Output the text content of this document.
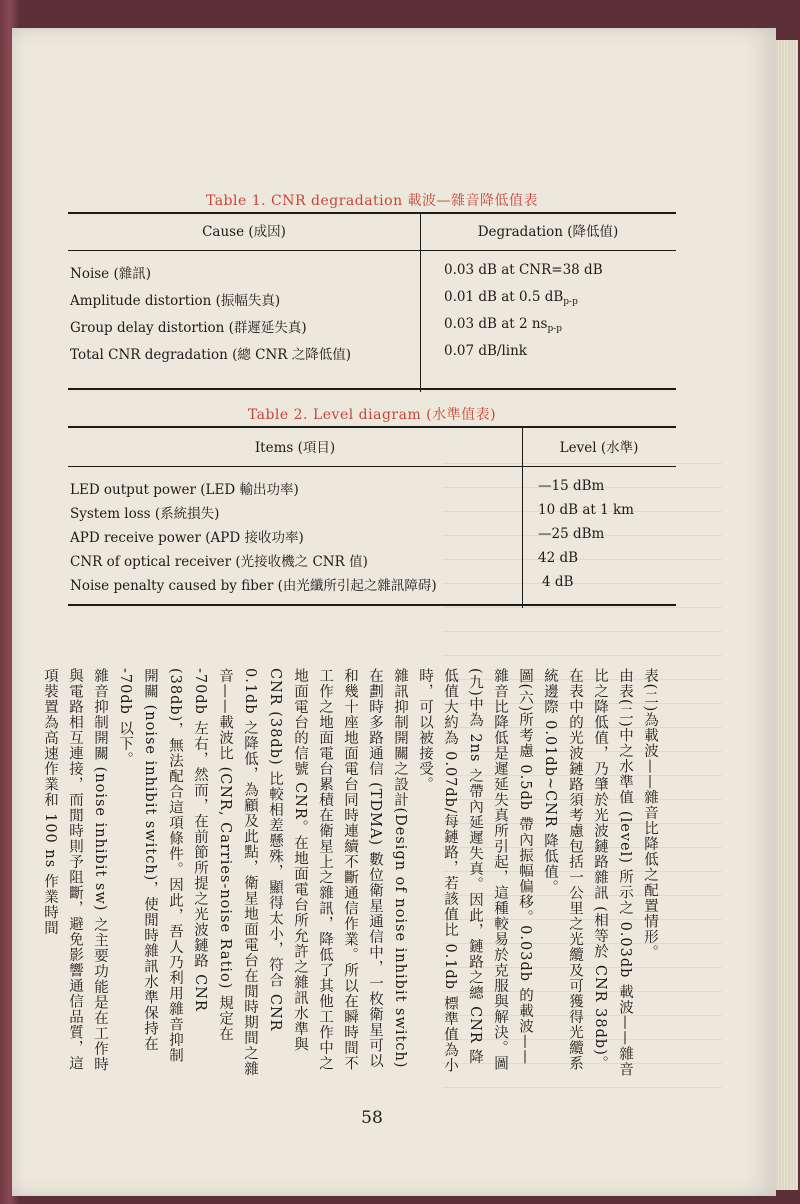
Table 1. CNR degradation 載波—雜音降低值表
Cause (成因)	Degradation (降低值)
Noise (雜訊)	0.03 dB at CNR=38 dB
Amplitude distortion (振幅失真)	0.01 dB at 0.5 $dB_{p-p}$
Group delay distortion (群遲延失真)	0.03 dB at 2 $ns_{p-p}$
Total CNR degradation (總 CNR 之降低值)	0.07 dB/link
Table 2. Level diagram (水準值表)
Items (項目)	Level (水準)
LED output power (LED 輸出功率)	—15 dBm
System loss (系統損失)	10 dB at 1 km
APD receive power (APD 接收功率)	—25 dBm
CNR of optical receiver (光接收機之 CNR 值)	42 dB
Noise penalty caused by fiber (由光纖所引起之雜訊障碍)	4 dB

表(二)為載波——雜音比降低之配置情形。

由表(二)中之水準值 (level) 所示之 0.03db 載波——雜音比之降低值，乃肇於光波鏈路雜訊 (相等於 CNR 38db)。在表中的光波鏈路須考慮包括一公里之光纜及可獲得光纜系統邊際 0.01db~CNR 降低值。

圖(六)所考慮 0.5db 帶內振幅偏移。0.03db 的載波——雜音比降低是遲延失真所引起，這種較易於克服與解決。圖(九)中為 2ns 之帶內延遲失真。因此，鏈路之總 CNR 降低值大約為 0.07db/每鏈路，若該值比 0.1db 標準值為小時，可以被接受。

雜訊抑制開關之設計(Design of noise inhibit switch)

在劃時多路通信 (TDMA) 數位衛星通信中，一枚衛星可以和幾十座地面電台同時連續不斷通信作業。所以在瞬時間不工作之地面電台累積在衛星上之雜訊，降低了其他工作中之地面電台的信號 CNR。在地面電台所允許之雜訊水準與 CNR (38db) 比較相差懸殊，顯得太小，符合 CNR 0.1db 之降低，為顧及此點，衛星地面電台在閒時期間之雜音——載波比 (CNR, Carries-noise Ratio) 規定在 -70db 左右，然而，在前節所提之光波鏈路 CNR (38db)，無法配合這項條件。因此，吾人乃利用雜音抑制開關 (noise inhibit switch)，使閒時雜訊水準保持在 -70db 以下。

雜音抑制開關 (noise inhibit sw) 之主要功能是在工作時與電路相互連接，而閒時則予阻斷，避免影響通信品質，這項裝置為高速作業和 100 ns 作業時間

58
